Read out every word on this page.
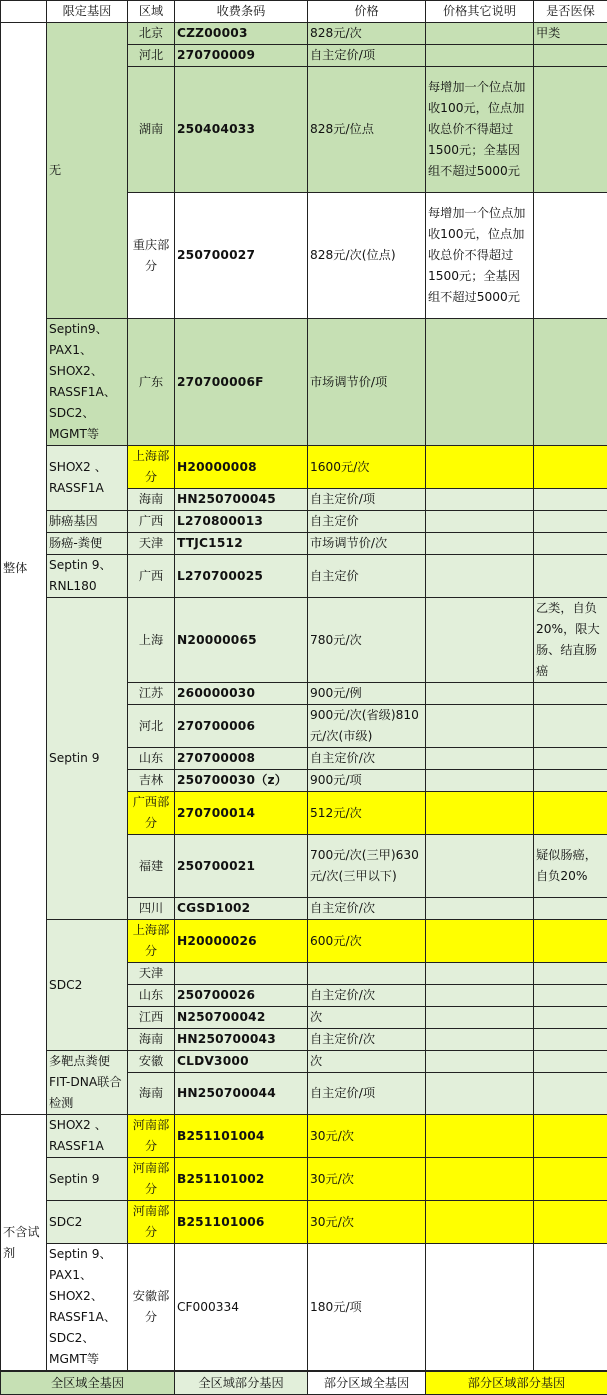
	限定基因	区域	收费条码	价格	价格其它说明	是否医保
整体	无	北京	CZZ00003	828元/次		甲类
		河北	270700009	自主定价/项		
		湖南	250404033	828元/位点	每增加一个位点加收100元，位点加收总价不得超过1500元；全基因组不超过5000元	
		重庆部分	250700027	828元/次(位点)	每增加一个位点加收100元，位点加收总价不得超过1500元；全基因组不超过5000元	
	Septin9、PAX1、SHOX2、RASSF1A、SDC2、MGMT等	广东	270700006F	市场调节价/项		
	SHOX2 、RASSF1A	上海部分	H20000008	1600元/次		
		海南	HN250700045	自主定价/项		
	肺癌基因	广西	L270800013	自主定价		
	肠癌-粪便	天津	TTJC1512	市场调节价/次		
	Septin 9、RNL180	广西	L270700025	自主定价		
	Septin 9	上海	N20000065	780元/次		乙类，自负20%，限大肠、结直肠癌
		江苏	260000030	900元/例		
		河北	270700006	900元/次(省级)810元/次(市级)		
		山东	270700008	自主定价/次		
		吉林	250700030（z）	900元/项		
		广西部分	270700014	512元/次		
		福建	250700021	700元/次(三甲)630元/次(三甲以下)		疑似肠癌，自负20%
		四川	CGSD1002	自主定价/次		
	SDC2	上海部分	H20000026	600元/次		
		天津				
		山东	250700026	自主定价/次		
		江西	N250700042	次		
		海南	HN250700043	自主定价/次		
	多靶点粪便FIT-DNA联合检测	安徽	CLDV3000	次		
		海南	HN250700044	自主定价/项		
不含试剂	SHOX2 、RASSF1A	河南部分	B251101004	30元/次		
	Septin 9	河南部分	B251101002	30元/次		
	SDC2	河南部分	B251101006	30元/次		
	Septin 9、PAX1、SHOX2、RASSF1A、SDC2、MGMT等	安徽部分	CF000334	180元/项		
全区域全基因	全区域部分基因	部分区域全基因	部分区域部分基因
